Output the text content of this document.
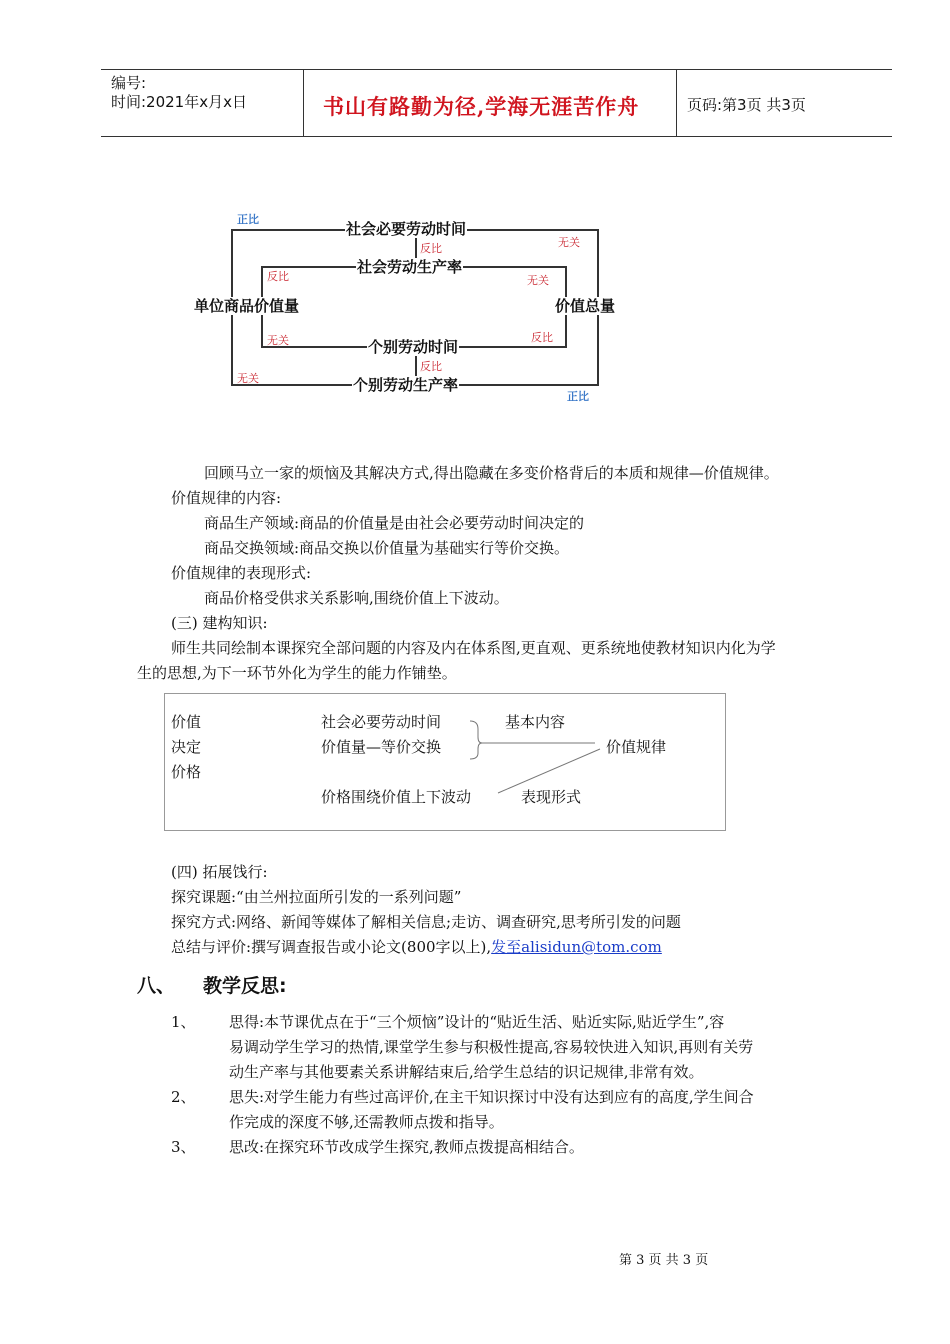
编号:
时间:2021年x月x日	书山有路勤为径,学海无涯苦作舟	页码:第3页 共3页
社会必要劳动时间
社会劳动生产率
单位商品价值量	价值总量
个别劳动时间
个别劳动生产率
正比
反比	无关
反比	无关
无关	反比
反比
无关
正比
回顾马立一家的烦恼及其解决方式,得出隐藏在多变价格背后的本质和规律—价值规律。
价值规律的内容:
商品生产领域:商品的价值量是由社会必要劳动时间决定的
商品交换领域:商品交换以价值量为基础实行等价交换。
价值规律的表现形式:
商品价格受供求关系影响,围绕价值上下波动。
(三) 建构知识:
师生共同绘制本课探究全部问题的内容及内在体系图,更直观、更系统地使教材知识内化为学
生的思想,为下一环节外化为学生的能力作铺垫。
价值
决定
价格
社会必要劳动时间
价值量—等价交换
基本内容
价值规律
价格围绕价值上下波动	表现形式
(四) 拓展饯行:
探究课题:“由兰州拉面所引发的一系列问题”
探究方式:网络、新闻等媒体了解相关信息;走访、调查研究,思考所引发的问题
总结与评价:撰写调查报告或小论文(800字以上),发至alisidun@tom.com
八、 教学反思:
1、 思得:本节课优点在于“三个烦恼”设计的“贴近生活、贴近实际,贴近学生”,容
易调动学生学习的热情,课堂学生参与积极性提高,容易较快进入知识,再则有关劳
动生产率与其他要素关系讲解结束后,给学生总结的识记规律,非常有效。
2、 思失:对学生能力有些过高评价,在主干知识探讨中没有达到应有的高度,学生间合
作完成的深度不够,还需教师点拨和指导。
3、 思改:在探究环节改成学生探究,教师点拨提高相结合。
第 3 页 共 3 页
